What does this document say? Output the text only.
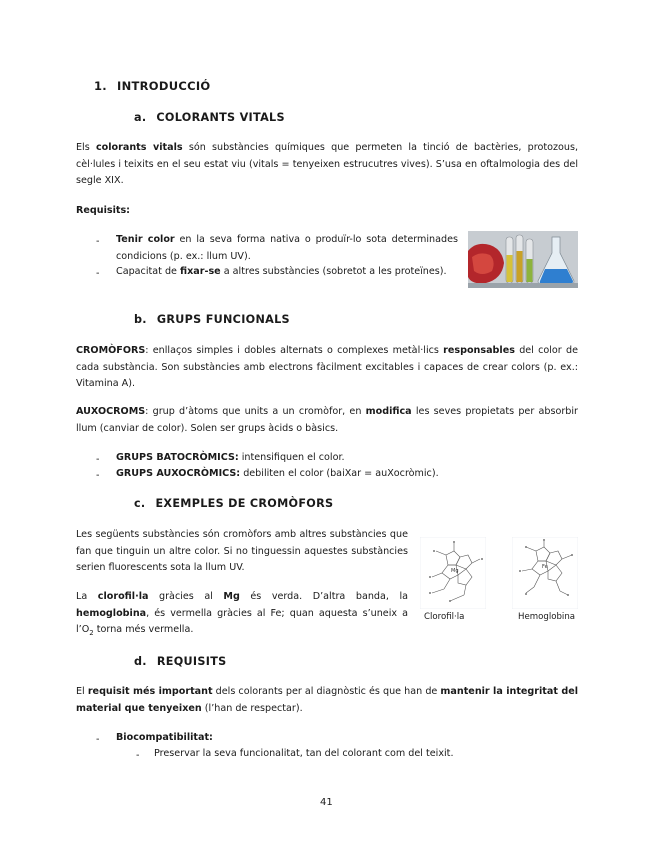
1. INTRODUCCIÓ
a. COLORANTS VITALS
Els colorants vitals són substàncies químiques que permeten la tinció de bactèries, protozous, cèl·lules i teixits en el seu estat viu (vitals = tenyeixen estrucutres vives). S’usa en oftalmologia des del segle XIX.
Requisits:
- Tenir color en la seva forma nativa o produïr-lo sota determinades condicions (p. ex.: llum UV).
- Capacitat de fixar-se a altres substàncies (sobretot a les proteïnes).
b. GRUPS FUNCIONALS
CROMÒFORS: enllaços simples i dobles alternats o complexes metàl·lics responsables del color de cada substància. Son substàncies amb electrons fàcilment excitables i capaces de crear colors (p. ex.: Vitamina A).
AUXOCROMS: grup d’àtoms que units a un cromòfor, en modifica les seves propietats per absorbir llum (canviar de color). Solen ser grups àcids o bàsics.
- GRUPS BATOCRÒMICS: intensifiquen el color.
- GRUPS AUXOCRÒMICS: debiliten el color (baiXar = auXocròmic).
c. EXEMPLES DE CROMÒFORS
Les següents substàncies són cromòfors amb altres substàncies que fan que tinguin un altre color. Si no tinguessin aquestes substàncies serien fluorescents sota la llum UV.
La clorofil·la gràcies al Mg és verda. D’altra banda, la hemoglobina, és vermella gràcies al Fe; quan aquesta s’uneix a $l’O_2$ torna més vermella.
Mg
Clorofil·la
Fe
Hemoglobina
d. REQUISITS
El requisit més important dels colorants per al diagnòstic és que han de mantenir la integritat del material que tenyeixen (l’han de respectar).
- Biocompatibilitat:
- Preservar la seva funcionalitat, tan del colorant com del teixit.
41
